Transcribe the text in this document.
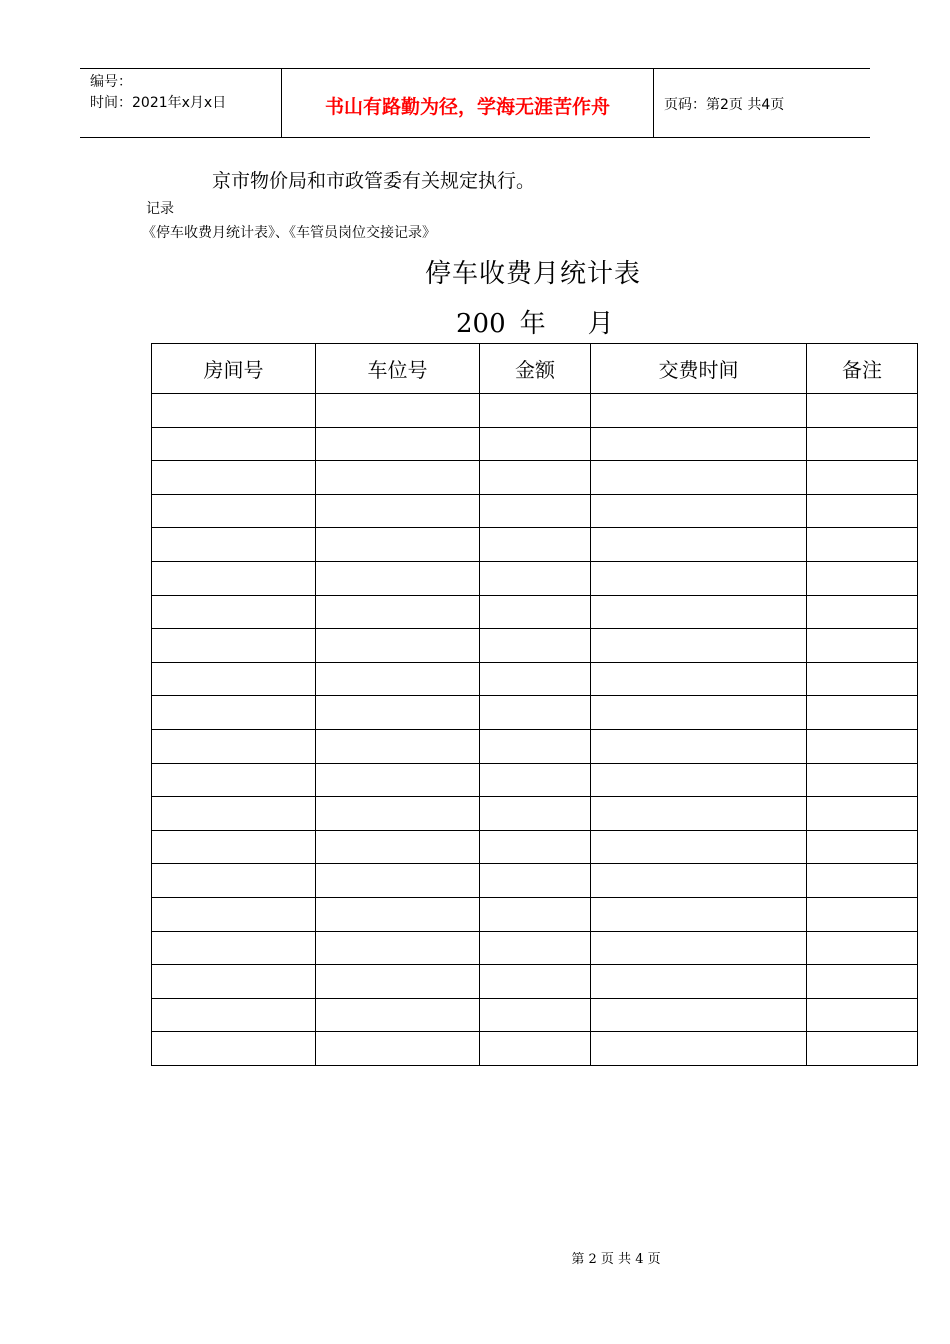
编号：
时间：2021年x月x日	书山有路勤为径，学海无涯苦作舟	页码：第2页 共4页
京市物价局和市政管委有关规定执行。
记录
《停车收费月统计表》、《车管员岗位交接记录》
停车收费月统计表
200 年 月
房间号	车位号	金额	交费时间	备注

第 2 页 共 4 页
